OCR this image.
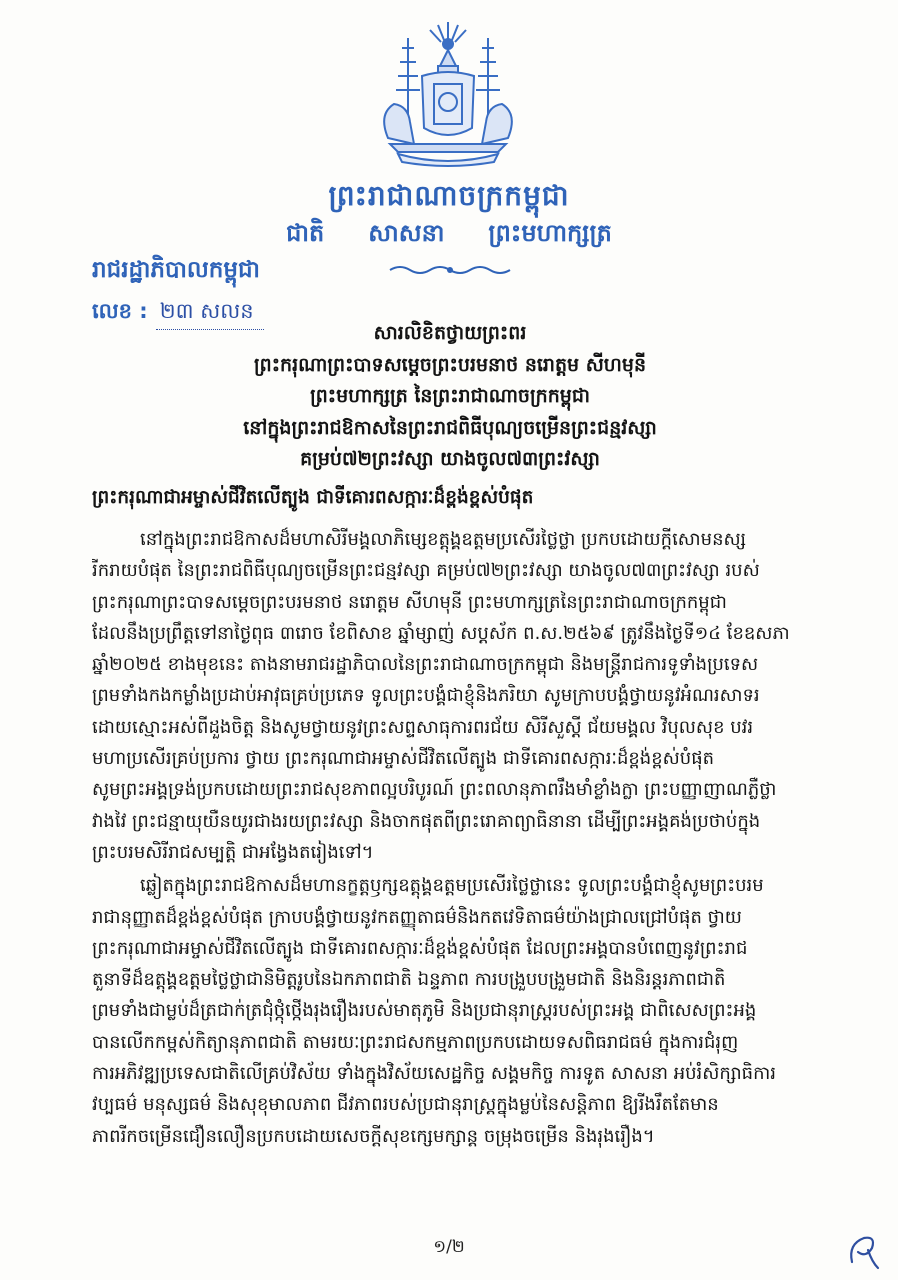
ព្រះរាជាណាចក្រកម្ពុជា
ជាតិ សាសនា ព្រះមហាក្សត្រ
រាជរដ្ឋាភិបាលកម្ពុជា
លេខ : ២៣ សលន
សារលិខិតថ្វាយព្រះពរ
ព្រះករុណាព្រះបាទសម្តេចព្រះបរមនាថ នរោត្តម សីហមុនី
ព្រះមហាក្សត្រ នៃព្រះរាជាណាចក្រកម្ពុជា
នៅក្នុងព្រះរាជឱកាសនៃព្រះរាជពិធីបុណ្យចម្រើនព្រះជន្មវស្សា
គម្រប់៧២ព្រះវស្សា យាងចូល៧៣ព្រះវស្សា
ព្រះករុណាជាអម្ចាស់ជីវិតលើត្បូង ជាទីគោរពសក្ការៈដ៏ខ្ពង់ខ្ពស់បំផុត
នៅក្នុងព្រះរាជឱកាសដ៏មហាសិរីមង្គលាភិម្សេខត្តុង្គឧត្តមប្រសើរថ្លៃថ្លា ប្រកបដោយក្តីសោមនស្ស
រីករាយបំផុត នៃព្រះរាជពិធីបុណ្យចម្រើនព្រះជន្មវស្សា គម្រប់៧២ព្រះវស្សា យាងចូល៧៣ព្រះវស្សា របស់
ព្រះករុណាព្រះបាទសម្តេចព្រះបរមនាថ នរោត្តម សីហមុនី ព្រះមហាក្សត្រនៃព្រះរាជាណាចក្រកម្ពុជា
ដែលនឹងប្រព្រឹត្តទៅនាថ្ងៃពុធ ៣រោច ខែពិសាខ ឆ្នាំម្សាញ់ សប្តស័ក ព.ស.២៥៦៩ ត្រូវនឹងថ្ងៃទី១៤ ខែឧសភា
ឆ្នាំ២០២៥ ខាងមុខនេះ តាងនាមរាជរដ្ឋាភិបាលនៃព្រះរាជាណាចក្រកម្ពុជា និងមន្ត្រីរាជការទូទាំងប្រទេស
ព្រមទាំងកងកម្លាំងប្រដាប់អាវុធគ្រប់ប្រភេទ ទូលព្រះបង្គំជាខ្ញុំនិងភរិយា សូមក្រាបបង្គំថ្វាយនូវអំណរសាទរ
ដោយស្មោះអស់ពីដួងចិត្ត និងសូមថ្វាយនូវព្រះសព្ទសាធុការពរជ័យ សិរីសួស្តី ជ័យមង្គល វិបុលសុខ បវរ
មហាប្រសើរគ្រប់ប្រការ ថ្វាយ ព្រះករុណាជាអម្ចាស់ជីវិតលើត្បូង ជាទីគោរពសក្ការៈដ៏ខ្ពង់ខ្ពស់បំផុត
សូមព្រះអង្គទ្រង់ប្រកបដោយព្រះរាជសុខភាពល្អបរិបូរណ៍ ព្រះពលានុភាពរឹងមាំខ្លាំងក្លា ព្រះបញ្ញាញាណភ្លឺថ្លា
វាងវៃ ព្រះជន្មាយុយឺនយូរជាងរយព្រះវស្សា និងចាកផុតពីព្រះរោគាព្យាធិនានា ដើម្បីព្រះអង្គគង់ប្រថាប់ក្នុង
ព្រះបរមសិរីរាជសម្បត្តិ ជាអង្វែងតរៀងទៅ។
ឆ្លៀតក្នុងព្រះរាជឱកាសដ៏មហានក្ខត្តឫក្សឧត្តុង្គឧត្តមប្រសើរថ្លៃថ្លានេះ ទូលព្រះបង្គំជាខ្ញុំសូមព្រះបរម
រាជានុញ្ញាតដ៏ខ្ពង់ខ្ពស់បំផុត ក្រាបបង្គំថ្វាយនូវកតញ្ញុតាធម៌និងកតវេទិតាធម៌យ៉ាងជ្រាលជ្រៅបំផុត ថ្វាយ
ព្រះករុណាជាអម្ចាស់ជីវិតលើត្បូង ជាទីគោរពសក្ការៈដ៏ខ្ពង់ខ្ពស់បំផុត ដែលព្រះអង្គបានបំពេញនូវព្រះរាជ
តួនាទីដ៏ឧត្តុង្គឧត្តមថ្លៃថ្លាជានិមិត្តរូបនៃឯកភាពជាតិ ឯន្ទភាព ការបង្រួបបង្រួមជាតិ និងនិរន្តរភាពជាតិ
ព្រមទាំងជាម្លប់ដ៏ត្រជាក់ត្រជុំថ្កុំថ្កើងរុងរឿងរបស់មាតុភូមិ និងប្រជានុរាស្ត្ររបស់ព្រះអង្គ ជាពិសេសព្រះអង្គ
បានលើកកម្ពស់កិត្យានុភាពជាតិ តាមរយៈព្រះរាជសកម្មភាពប្រកបដោយទសពិធរាជធម៌ ក្នុងការជំរុញ
ការអភិវឌ្ឍប្រទេសជាតិលើគ្រប់វិស័យ ទាំងក្នុងវិស័យសេដ្ឋកិច្ច សង្គមកិច្ច ការទូត សាសនា អប់រំសិក្សាធិការ
វប្បធម៌ មនុស្សធម៌ និងសុខុមាលភាព ជីវភាពរបស់ប្រជានុរាស្ត្រក្នុងម្លប់នៃសន្តិភាព ឱ្យរីងរឹតតែមាន
ភាពរីកចម្រើនជឿនលឿនប្រកបដោយសេចក្តីសុខក្សេមក្សាន្ត ចម្រុងចម្រើន និងរុងរឿង។
១/២
